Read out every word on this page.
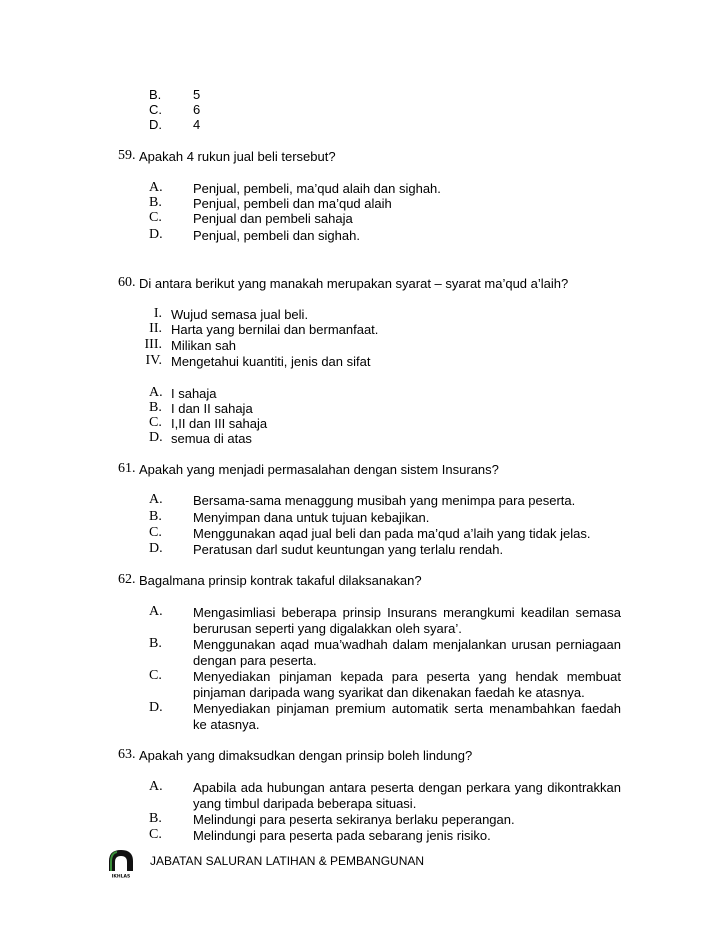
B. 5
C. 6
D. 4
59. Apakah 4 rukun jual beli tersebut?
A. Penjual, pembeli, ma’qud alaih dan sighah.
B. Penjual, pembeli dan ma’qud alaih
C. Penjual dan pembeli sahaja
D. Penjual, pembeli dan sighah.
60. Di antara berikut yang manakah merupakan syarat – syarat ma’qud a’laih?
I. Wujud semasa jual beli.
II. Harta yang bernilai dan bermanfaat.
III. Milikan sah
IV. Mengetahui kuantiti, jenis dan sifat
A. I sahaja
B. I dan II sahaja
C. I,II dan III sahaja
D. semua di atas
61. Apakah yang menjadi permasalahan dengan sistem Insurans?
A. Bersama-sama menaggung musibah yang menimpa para peserta.
B. Menyimpan dana untuk tujuan kebajikan.
C. Menggunakan aqad jual beli dan pada ma’qud a’laih yang tidak jelas.
D. Peratusan darl sudut keuntungan yang terlalu rendah.
62. Bagalmana prinsip kontrak takaful dilaksanakan?
A. Mengasimliasi beberapa prinsip Insurans merangkumi keadilan semasa berurusan seperti yang digalakkan oleh syara’.
B. Menggunakan aqad mua’wadhah dalam menjalankan urusan perniagaan dengan para peserta.
C. Menyediakan pinjaman kepada para peserta yang hendak membuat pinjaman daripada wang syarikat dan dikenakan faedah ke atasnya.
D. Menyediakan pinjaman premium automatik serta menambahkan faedah ke atasnya.
63. Apakah yang dimaksudkan dengan prinsip boleh lindung?
A. Apabila ada hubungan antara peserta dengan perkara yang dikontrakkan yang timbul daripada beberapa situasi.
B. Melindungi para peserta sekiranya berlaku peperangan.
C. Melindungi para peserta pada sebarang jenis risiko.
IKHLAS
JABATAN SALURAN LATIHAN & PEMBANGUNAN
